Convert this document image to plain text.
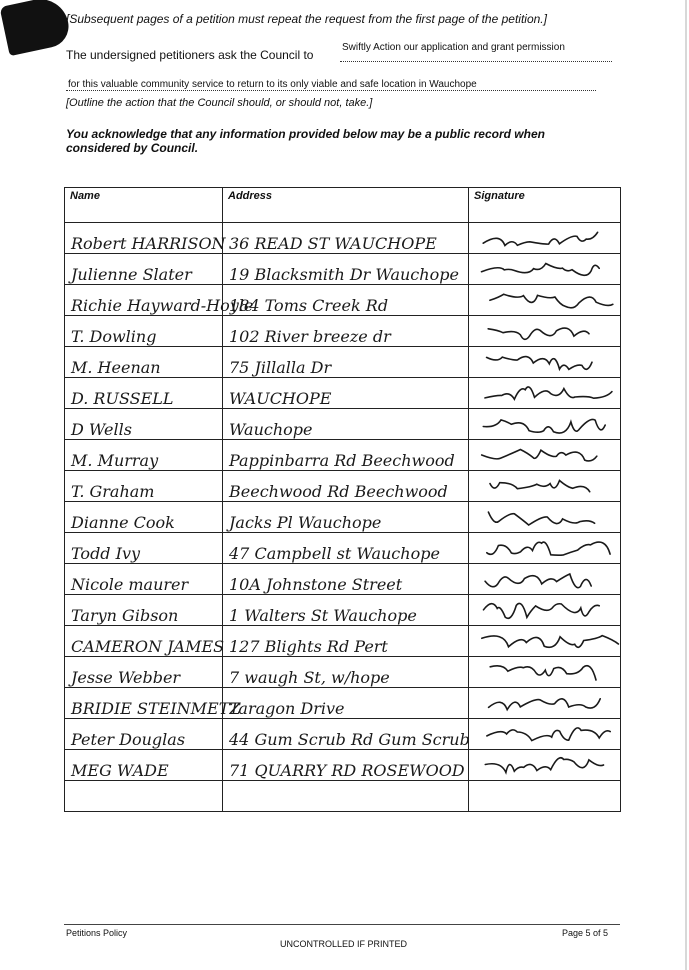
[Subsequent pages of a petition must repeat the request from the first page of the petition.]
The undersigned petitioners ask the Council to
Swiftly Action our application and grant permission
for this valuable community service to return to its only viable and safe location in Wauchope
[Outline the action that the Council should, or should not, take.]
You acknowledge that any information provided below may be a public record when considered by Council.
Name	Address	Signature
Robert HARRISON	36 READ ST WAUCHOPE	

Julienne Slater	19 Blacksmith Dr Wauchope	

Richie Hayward-Hoyle	184 Toms Creek Rd	

T. Dowling	102 River breeze dr	

M. Heenan	75 Jillalla Dr	

D. RUSSELL	WAUCHOPE	

D Wells	Wauchope	

M. Murray	Pappinbarra Rd Beechwood	

T. Graham	Beechwood Rd Beechwood	

Dianne Cook	Jacks Pl Wauchope	

Todd Ivy	47 Campbell st Wauchope	

Nicole maurer	10A Johnstone Street	

Taryn Gibson	1 Walters St Wauchope	

CAMERON JAMES	127 Blights Rd Pert	

Jesse Webber	7 waugh St, w/hope	

BRIDIE STEINMETZ	Taragon Drive	

Peter Douglas	44 Gum Scrub Rd Gum Scrub	

MEG WADE	71 QUARRY RD ROSEWOOD	

Petitions Policy
UNCONTROLLED IF PRINTED
Page 5 of 5
